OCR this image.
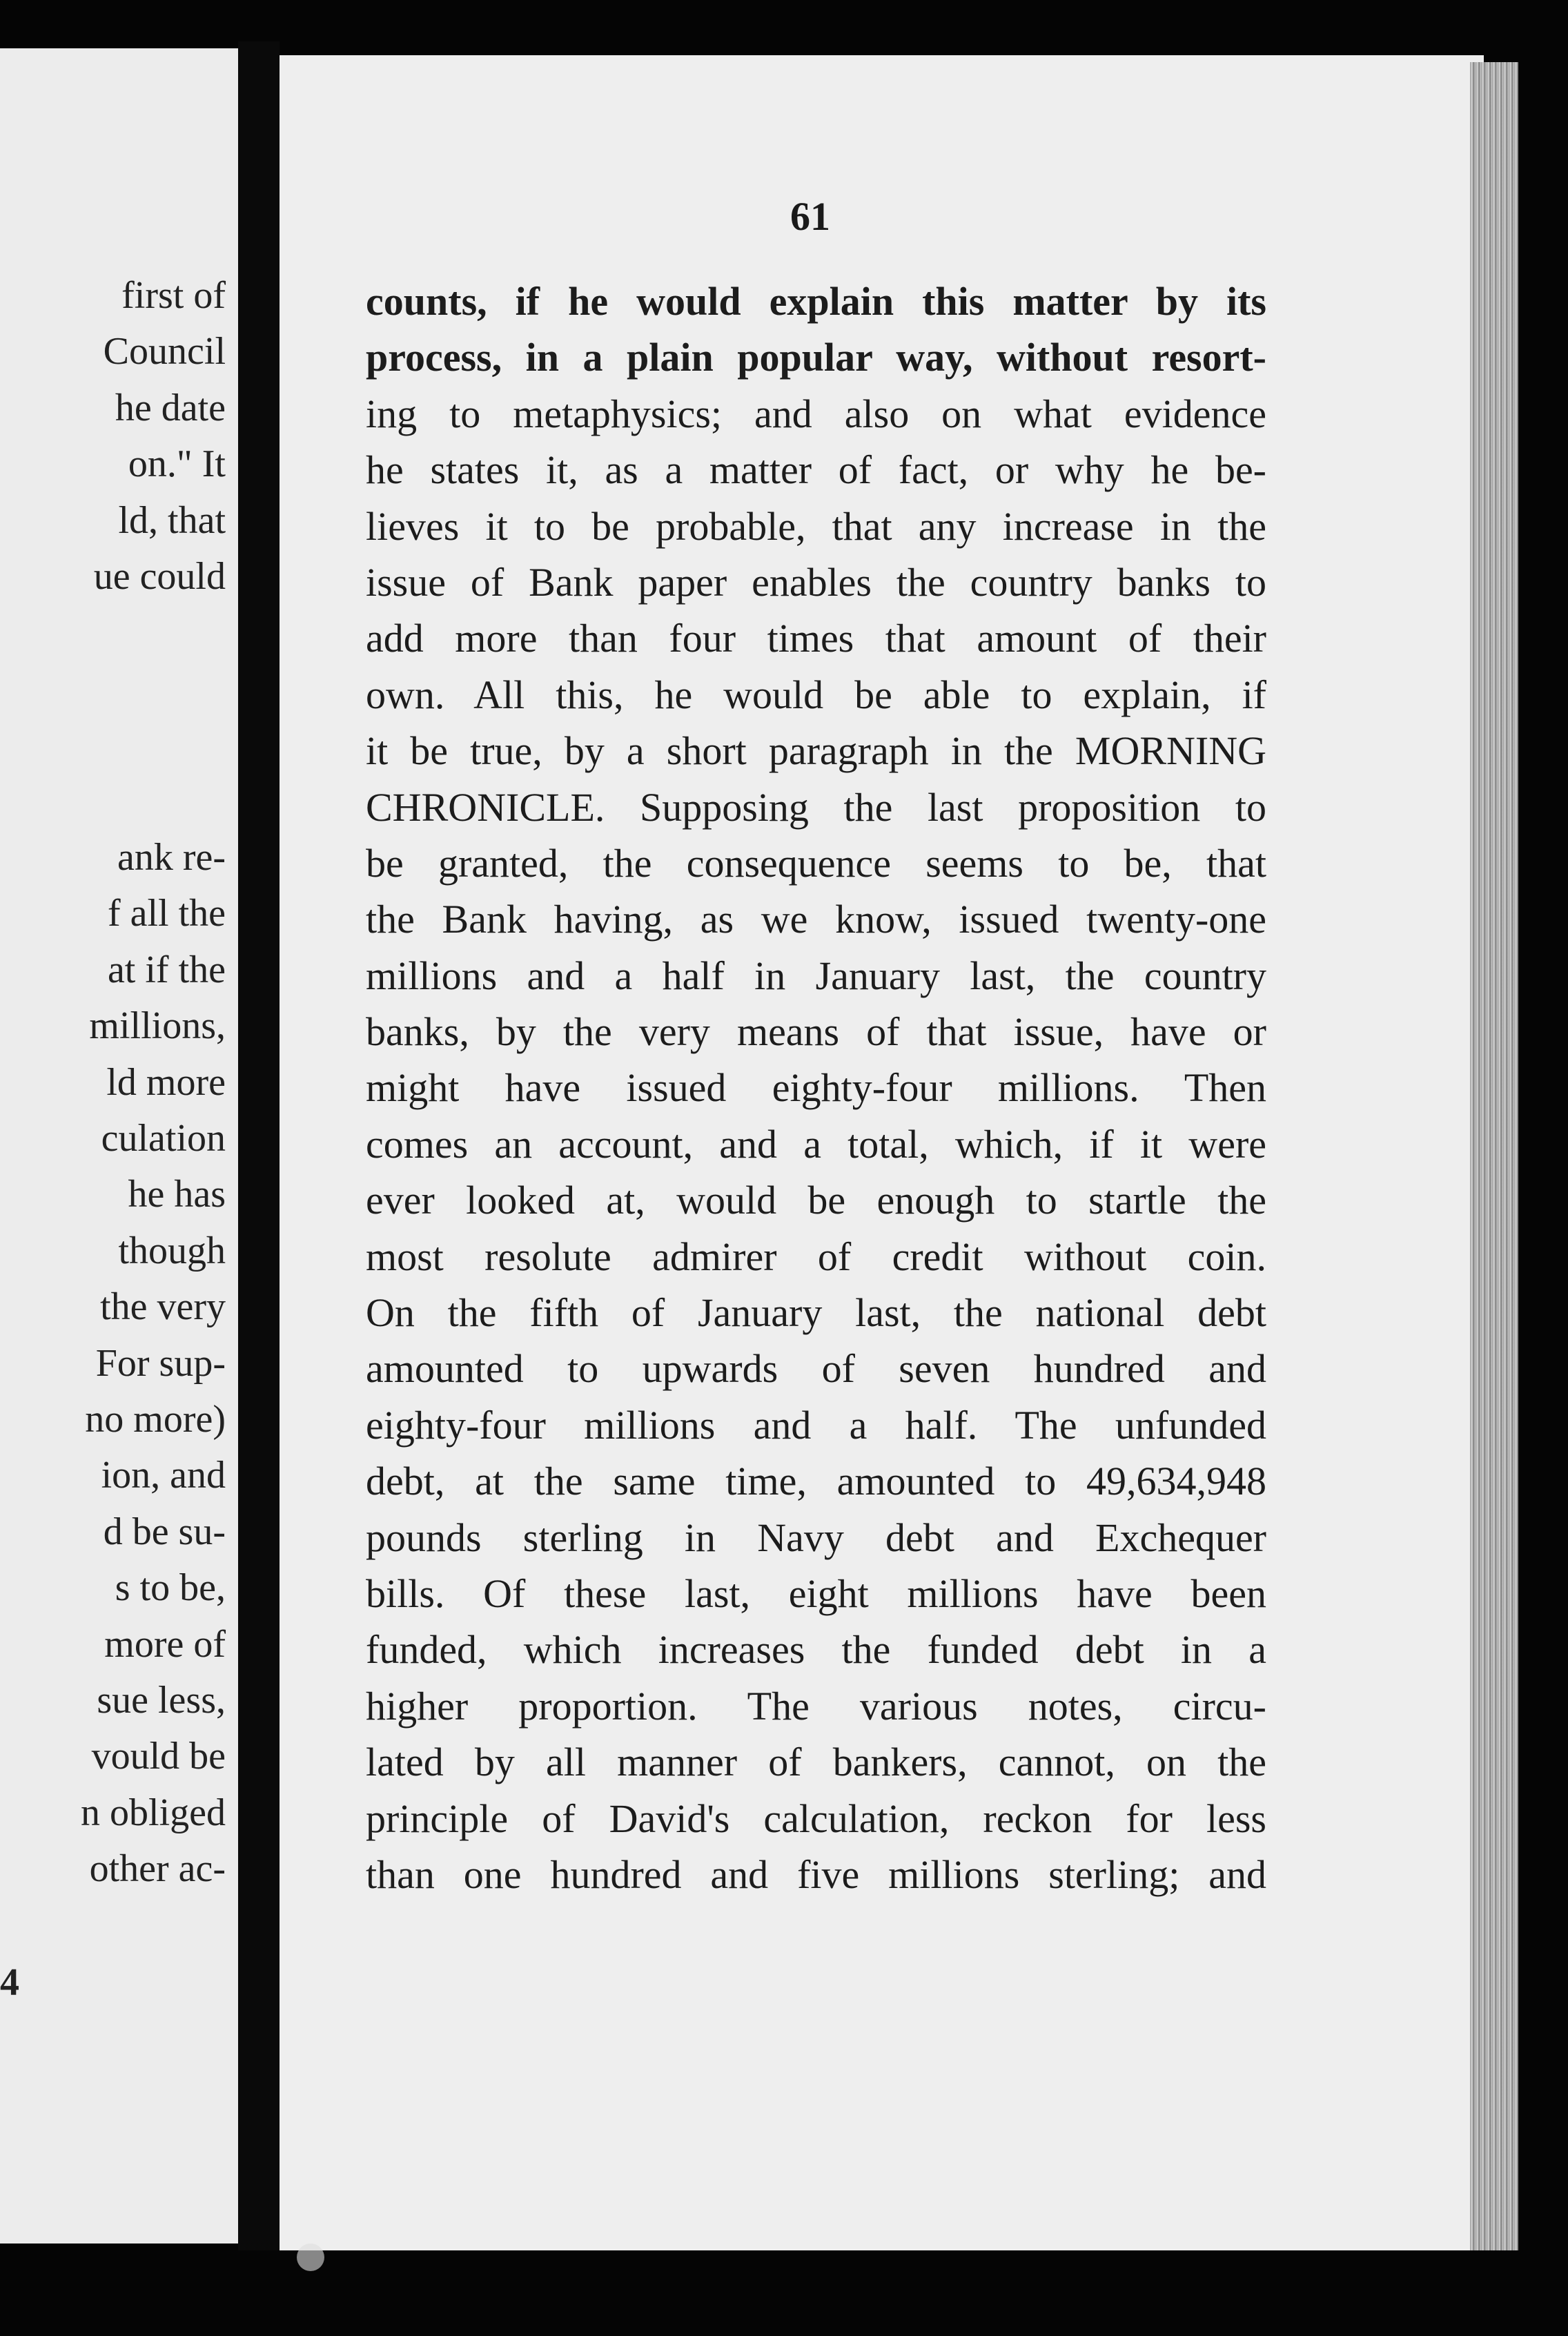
first of
Council
he date
on." It
ld, that
ue could
ank re-
f all the
at if the
millions,
ld more
culation
he has
though
the very
For sup-
no more)
ion, and
d be su-
s to be,
more of
sue less,
vould be
n obliged
other ac-
4
61
counts, if he would explain this matter by its
process, in a plain popular way, without resort-
ing to metaphysics; and also on what evidence
he states it, as a matter of fact, or why he be-
lieves it to be probable, that any increase in the
issue of Bank paper enables the country banks to
add more than four times that amount of their
own. All this, he would be able to explain, if
it be true, by a short paragraph in the MORNING
CHRONICLE. Supposing the last proposition to
be granted, the consequence seems to be, that
the Bank having, as we know, issued twenty-one
millions and a half in January last, the country
banks, by the very means of that issue, have or
might have issued eighty-four millions. Then
comes an account, and a total, which, if it were
ever looked at, would be enough to startle the
most resolute admirer of credit without coin.
On the fifth of January last, the national debt
amounted to upwards of seven hundred and
eighty-four millions and a half. The unfunded
debt, at the same time, amounted to 49,634,948
pounds sterling in Navy debt and Exchequer
bills. Of these last, eight millions have been
funded, which increases the funded debt in a
higher proportion. The various notes, circu-
lated by all manner of bankers, cannot, on the
principle of David's calculation, reckon for less
than one hundred and five millions sterling; and
